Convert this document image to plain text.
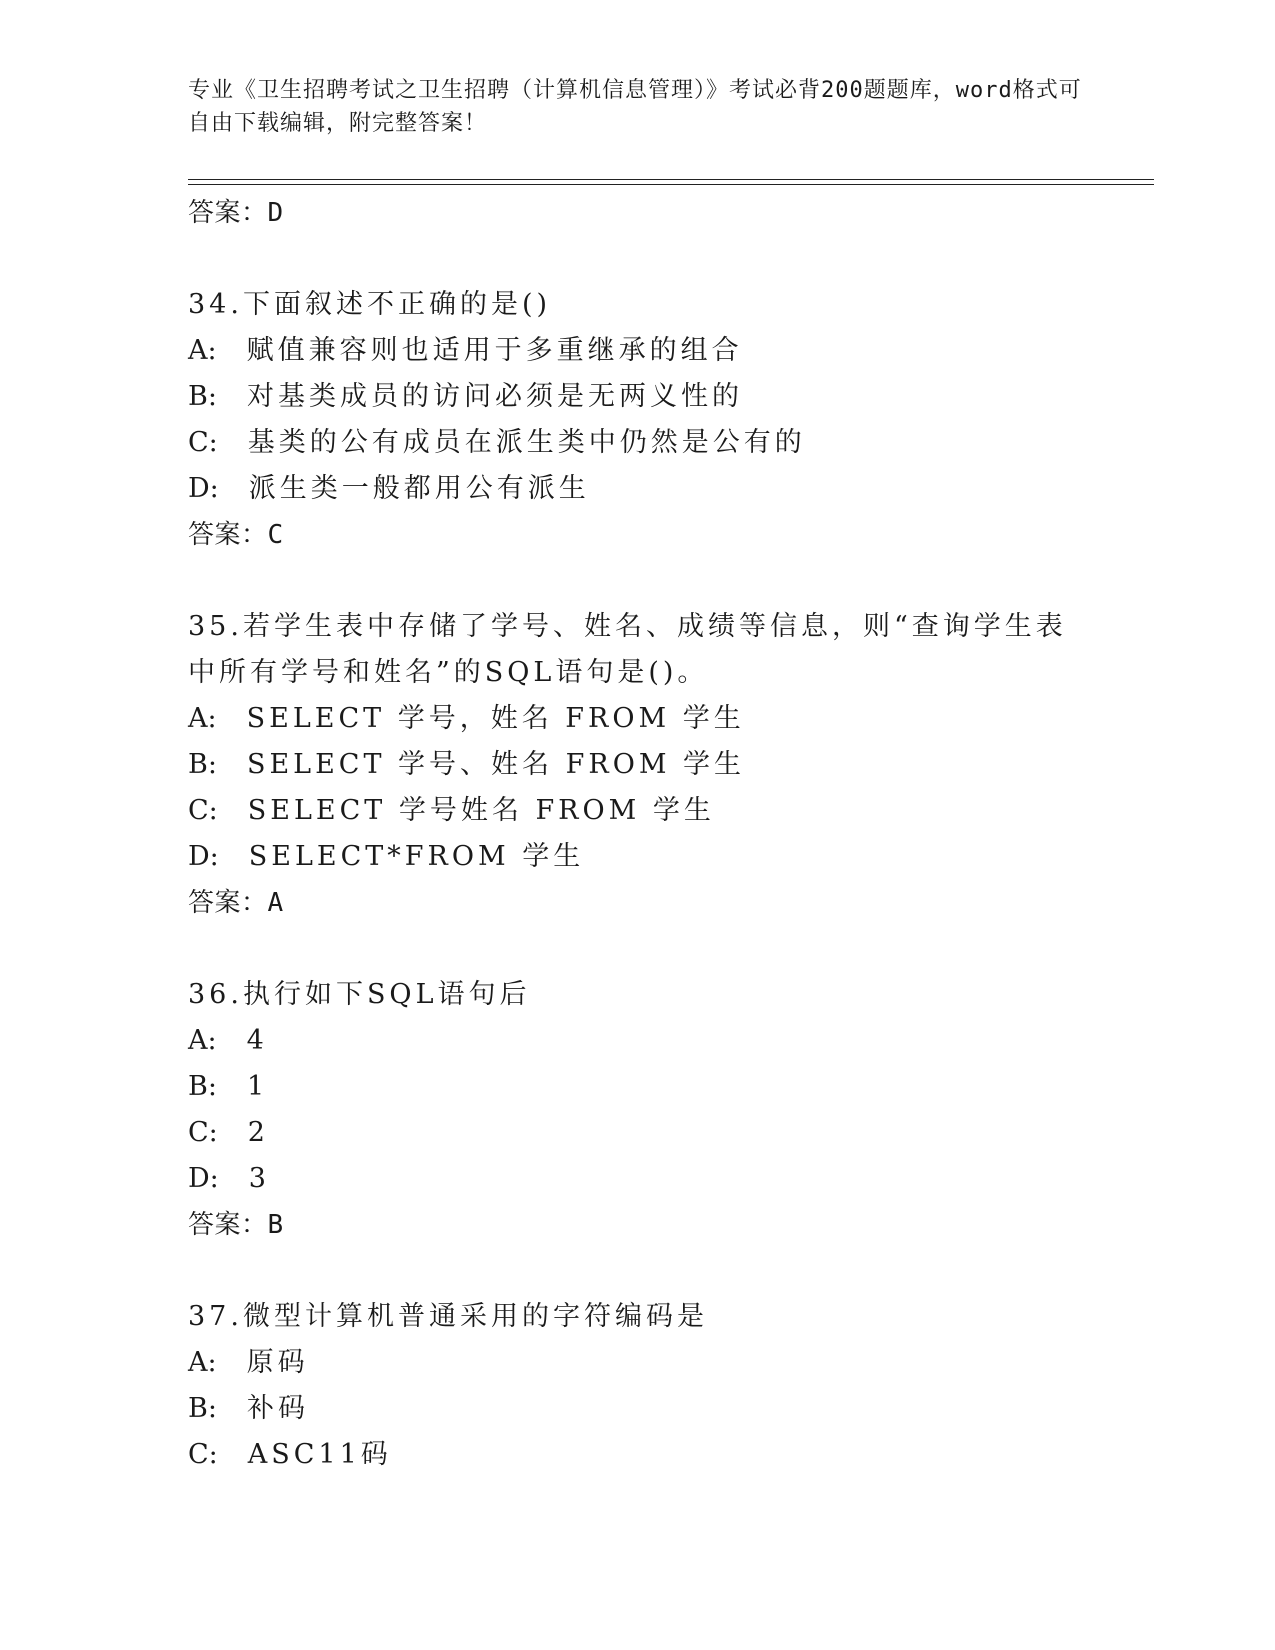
专业《卫生招聘考试之卫生招聘（计算机信息管理）》考试必背200题题库，word格式可自由下载编辑，附完整答案！
答案：D
34.下面叙述不正确的是()
A: 赋值兼容则也适用于多重继承的组合
B: 对基类成员的访问必须是无两义性的
C: 基类的公有成员在派生类中仍然是公有的
D: 派生类一般都用公有派生
答案：C
35.若学生表中存储了学号、姓名、成绩等信息，则“查询学生表中所有学号和姓名”的SQL语句是()。
A: SELECT 学号，姓名 FROM 学生
B: SELECT 学号、姓名 FROM 学生
C: SELECT 学号姓名 FROM 学生
D: SELECT*FROM 学生
答案：A
36.执行如下SQL语句后
A: 4
B: 1
C: 2
D: 3
答案：B
37.微型计算机普通采用的字符编码是
A: 原码
B: 补码
C: ASC11码
